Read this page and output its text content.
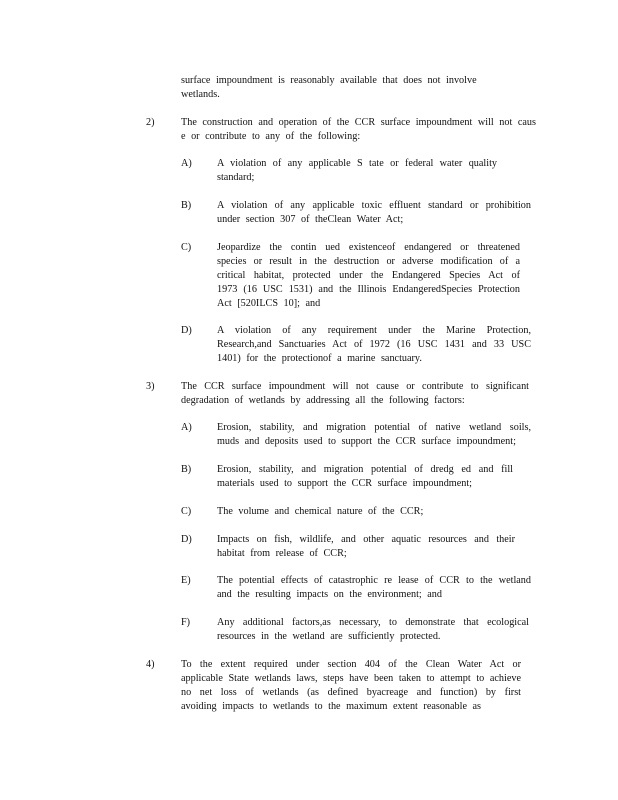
surface impoundment is reasonably available that does not involve wetlands.
2)	The construction and operation of the CCR surface impoundment will not caus e or contribute to any of the following:
A) A violation of any applicable S tate or federal water quality standard;
B)	A violation of any applicable toxic effluent standard or prohibition under section 307 of theClean Water Act;
C)	Jeopardize the contin ued existenceof endangered or threatened species or result in the destruction or adverse modification of a critical habitat, protected under the Endangered Species Act of 1973 (16 USC 1531) and the Illinois EndangeredSpecies Protection Act [520ILCS 10]; and
D) A violation of any requirement under the Marine Protection, Research,and Sanctuaries Act of 1972 (16 USC 1431 and 33 USC 1401) for the protectionof a marine sanctuary.
3)	The CCR surface impoundment will not cause or contribute to significant degradation of wetlands by addressing all the following factors:
A) Erosion, stability, and migration potential of native wetland soils, muds and deposits used to support the CCR surface impoundment;
B)	Erosion, stability, and migration potential of dredg ed and fill materials used to support the CCR surface impoundment;
C)	The volume and chemical nature of the CCR;
D) Impacts on fish, wildlife, and other aquatic resources and their habitat from release of CCR;
E)	The potential effects of catastrophic re lease of CCR to the wetland and the resulting impacts on the environment; and
F)	Any additional factors,as necessary, to demonstrate that ecological resources in the wetland are sufficiently protected.
4)	To the extent required under section 404 of the Clean Water Act or applicable State wetlands laws, steps have been taken to attempt to achieve no net loss of wetlands (as defined byacreage and function) by first avoiding impacts to wetlands to the maximum extent reasonable as
